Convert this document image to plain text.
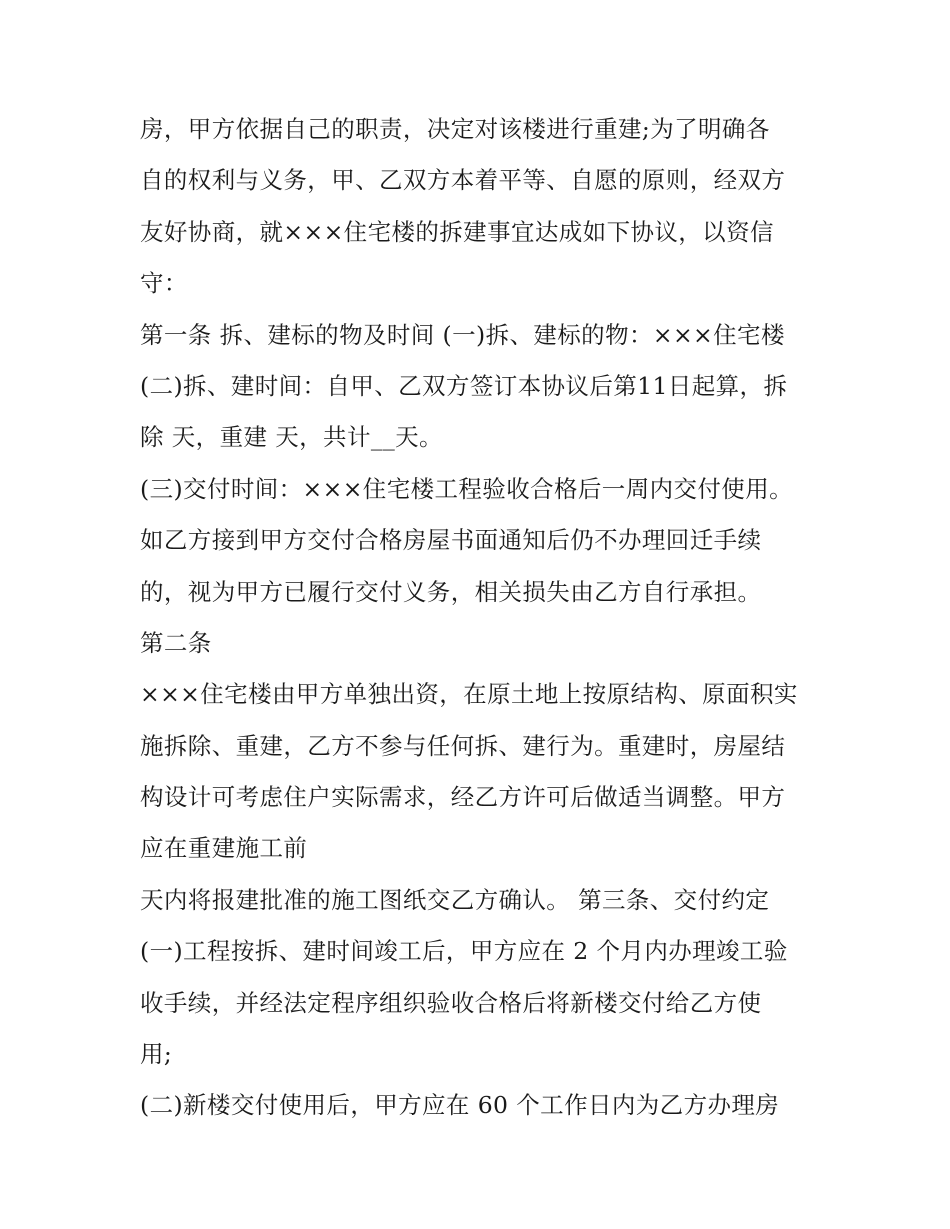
房，甲方依据自己的职责，决定对该楼进行重建;为了明确各
自的权利与义务，甲、乙双方本着平等、自愿的原则，经双方
友好协商，就×××住宅楼的拆建事宜达成如下协议，以资信
守：
第一条 拆、建标的物及时间 (一)拆、建标的物：×××住宅楼
(二)拆、建时间：自甲、乙双方签订本协议后第11日起算，拆
除 天，重建 天，共计__天。
(三)交付时间：×××住宅楼工程验收合格后一周内交付使用。
如乙方接到甲方交付合格房屋书面通知后仍不办理回迁手续
的，视为甲方已履行交付义务，相关损失由乙方自行承担。
第二条
×××住宅楼由甲方单独出资，在原土地上按原结构、原面积实
施拆除、重建，乙方不参与任何拆、建行为。重建时，房屋结
构设计可考虑住户实际需求，经乙方许可后做适当调整。甲方
应在重建施工前
天内将报建批准的施工图纸交乙方确认。 第三条、交付约定
(一)工程按拆、建时间竣工后，甲方应在 2 个月内办理竣工验
收手续，并经法定程序组织验收合格后将新楼交付给乙方使
用;
(二)新楼交付使用后，甲方应在 60 个工作日内为乙方办理房
